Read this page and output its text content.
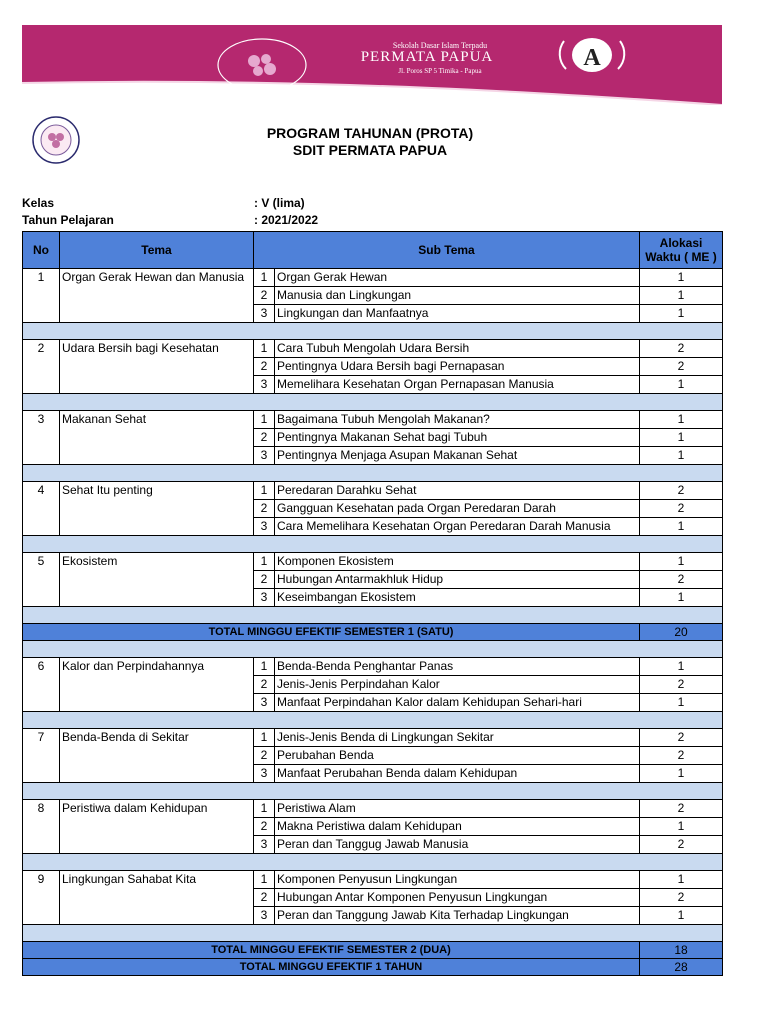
Sekolah Dasar Islam Terpadu
PERMATA PAPUA
Jl. Poros SP 5 Timika - Papua	A
PROGRAM TAHUNAN (PROTA)
SDIT PERMATA PAPUA
Kelas	: V (lima)
Tahun Pelajaran	: 2021/2022
No	Tema	Sub Tema		Alokasi
Waktu ( ME )

1	Organ Gerak Hewan dan Manusia	1	Organ Gerak Hewan	1
		2	Manusia dan Lingkungan	1
		3	Lingkungan dan Manfaatnya	1

2	Udara Bersih bagi Kesehatan	1	Cara Tubuh Mengolah Udara Bersih	2
		2	Pentingnya Udara Bersih bagi Pernapasan	2
		3	Memelihara Kesehatan Organ Pernapasan Manusia	1

3	Makanan Sehat	1	Bagaimana Tubuh Mengolah Makanan?	1
		2	Pentingnya Makanan Sehat bagi Tubuh	1
		3	Pentingnya Menjaga Asupan Makanan Sehat	1

4	Sehat Itu penting	1	Peredaran Darahku Sehat	2
		2	Gangguan Kesehatan pada Organ Peredaran Darah	2
		3	Cara Memelihara Kesehatan Organ Peredaran Darah Manusia	1

5	Ekosistem	1	Komponen Ekosistem	1
		2	Hubungan Antarmakhluk Hidup	2
		3	Keseimbangan Ekosistem	1

TOTAL MINGGU EFEKTIF SEMESTER 1 (SATU)				20

6	Kalor dan Perpindahannya	1	Benda-Benda Penghantar Panas	1
		2	Jenis-Jenis Perpindahan Kalor	2
		3	Manfaat Perpindahan Kalor dalam Kehidupan Sehari-hari	1

7	Benda-Benda di Sekitar	1	Jenis-Jenis Benda di Lingkungan Sekitar	2
		2	Perubahan Benda	2
		3	Manfaat Perubahan Benda dalam Kehidupan	1

8	Peristiwa dalam Kehidupan	1	Peristiwa Alam	2
		2	Makna Peristiwa dalam Kehidupan	1
		3	Peran dan Tanggug Jawab Manusia	2

9	Lingkungan Sahabat Kita	1	Komponen Penyusun Lingkungan	1
		2	Hubungan Antar Komponen Penyusun Lingkungan	2
		3	Peran dan Tanggung Jawab Kita Terhadap Lingkungan	1

TOTAL MINGGU EFEKTIF SEMESTER 2 (DUA)				18
TOTAL MINGGU EFEKTIF 1 TAHUN				28
